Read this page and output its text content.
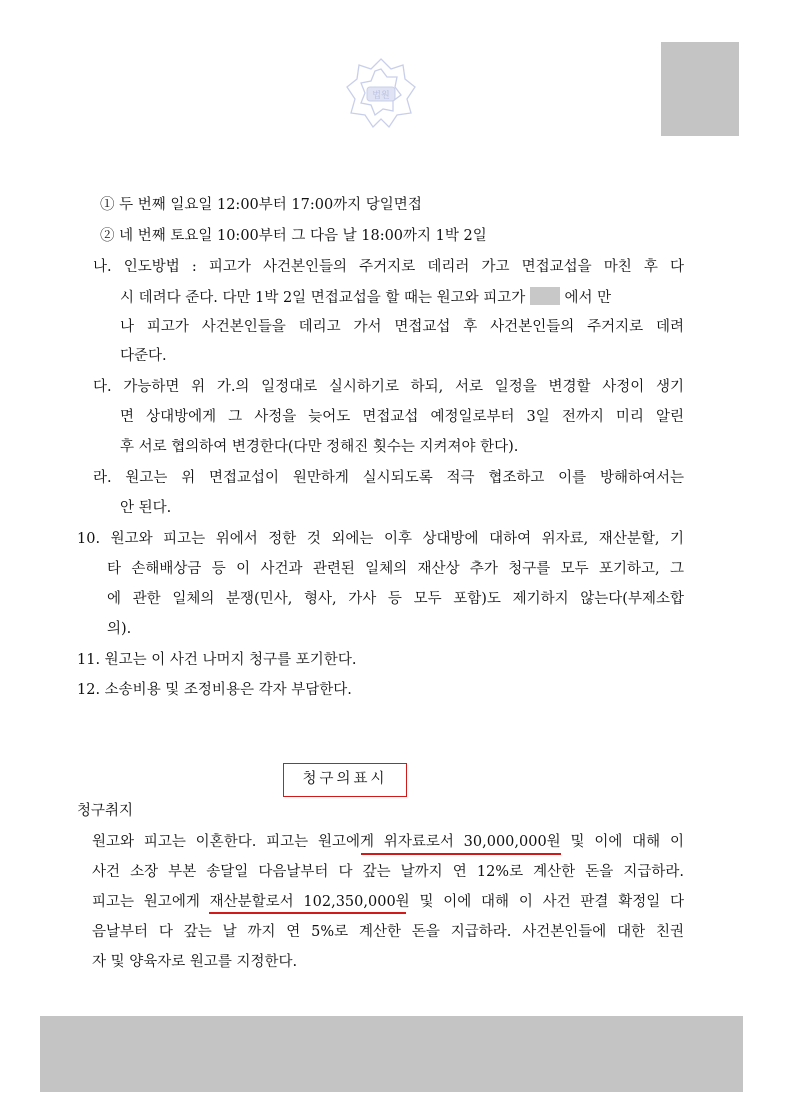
법원
① 두 번째 일요일 12:00부터 17:00까지 당일면접
② 네 번째 토요일 10:00부터 그 다음 날 18:00까지 1박 2일
나. 인도방법 : 피고가 사건본인들의 주거지로 데리러 가고 면접교섭을 마친 후 다
시 데려다 준다. 다만 1박 2일 면접교섭을 할 때는 원고와 피고가	에서 만
나 피고가 사건본인들을 데리고 가서 면접교섭 후 사건본인들의 주거지로 데려
다준다.
다. 가능하면 위 가.의 일정대로 실시하기로 하되, 서로 일정을 변경할 사정이 생기
면 상대방에게 그 사정을 늦어도 면접교섭 예정일로부터 3일 전까지 미리 알린
후 서로 협의하여 변경한다(다만 정해진 횟수는 지켜져야 한다).
라. 원고는 위 면접교섭이 원만하게 실시되도록 적극 협조하고 이를 방해하여서는
안 된다.
10. 원고와 피고는 위에서 정한 것 외에는 이후 상대방에 대하여 위자료, 재산분할, 기
타 손해배상금 등 이 사건과 관련된 일체의 재산상 추가 청구를 모두 포기하고, 그
에 관한 일체의 분쟁(민사, 형사, 가사 등 모두 포함)도 제기하지 않는다(부제소합
의).
11. 원고는 이 사건 나머지 청구를 포기한다.
12. 소송비용 및 조정비용은 각자 부담한다.
청구의표시
청구취지
원고와 피고는 이혼한다. 피고는 원고에게 위자료로서 30,000,000원 및 이에 대해 이
사건 소장 부본 송달일 다음날부터 다 갚는 날까지 연 12%로 계산한 돈을 지급하라.
피고는 원고에게 재산분할로서 102,350,000원 및 이에 대해 이 사건 판결 확정일 다
음날부터 다 갚는 날 까지 연 5%로 계산한 돈을 지급하라. 사건본인들에 대한 친권
자 및 양육자로 원고를 지정한다.
